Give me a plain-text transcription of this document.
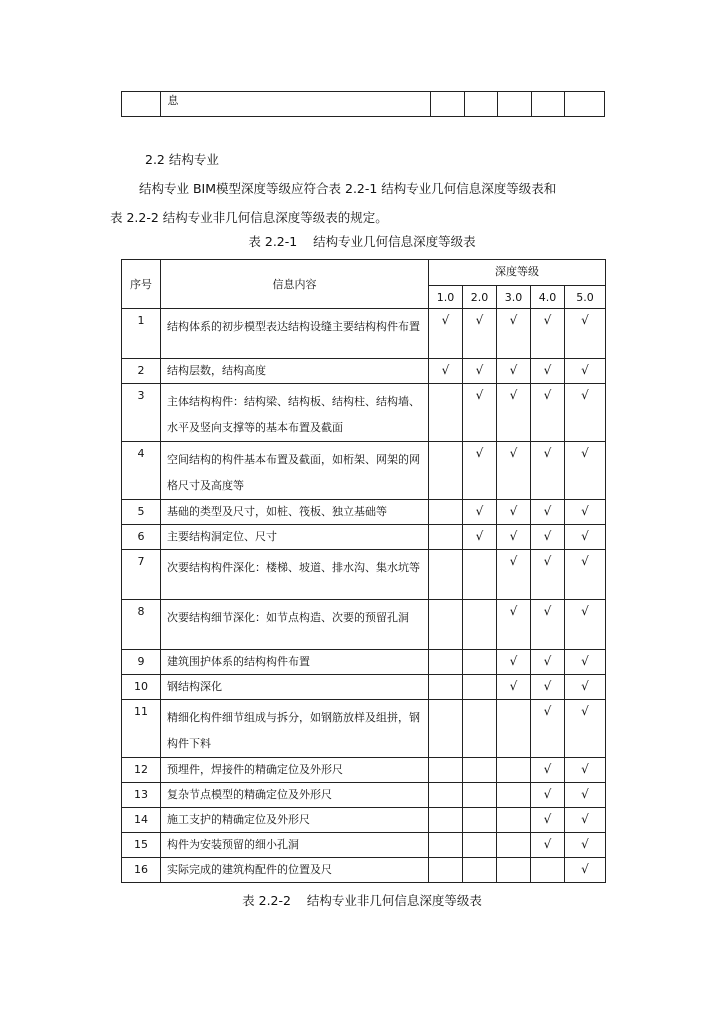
	息					
2.2 结构专业
结构专业 BIM模型深度等级应符合表 2.2-1 结构专业几何信息深度等级表和
表 2.2-2 结构专业非几何信息深度等级表的规定。
表 2.2-1    结构专业几何信息深度等级表
序号	信息内容	深度等级				
		1.0	2.0	3.0	4.0	5.0
1	结构体系的初步模型表达结构设缝主要结构构件布置	√	√	√	√	√
2	结构层数，结构高度	√	√	√	√	√
3	主体结构构件：结构梁、结构板、结构柱、结构墙、水平及竖向支撑等的基本布置及截面		√	√	√	√
4	空间结构的构件基本布置及截面，如桁架、网架的网格尺寸及高度等		√	√	√	√
5	基础的类型及尺寸，如桩、筏板、独立基础等		√	√	√	√
6	主要结构洞定位、尺寸		√	√	√	√
7	次要结构构件深化：楼梯、坡道、排水沟、集水坑等			√	√	√
8	次要结构细节深化：如节点构造、次要的预留孔洞			√	√	√
9	建筑围护体系的结构构件布置			√	√	√
10	钢结构深化			√	√	√
11	精细化构件细节组成与拆分，如钢筋放样及组拼，钢构件下料				√	√
12	预埋件，焊接件的精确定位及外形尺				√	√
13	复杂节点模型的精确定位及外形尺				√	√
14	施工支护的精确定位及外形尺				√	√
15	构件为安装预留的细小孔洞				√	√
16	实际完成的建筑构配件的位置及尺					√
表 2.2-2    结构专业非几何信息深度等级表
